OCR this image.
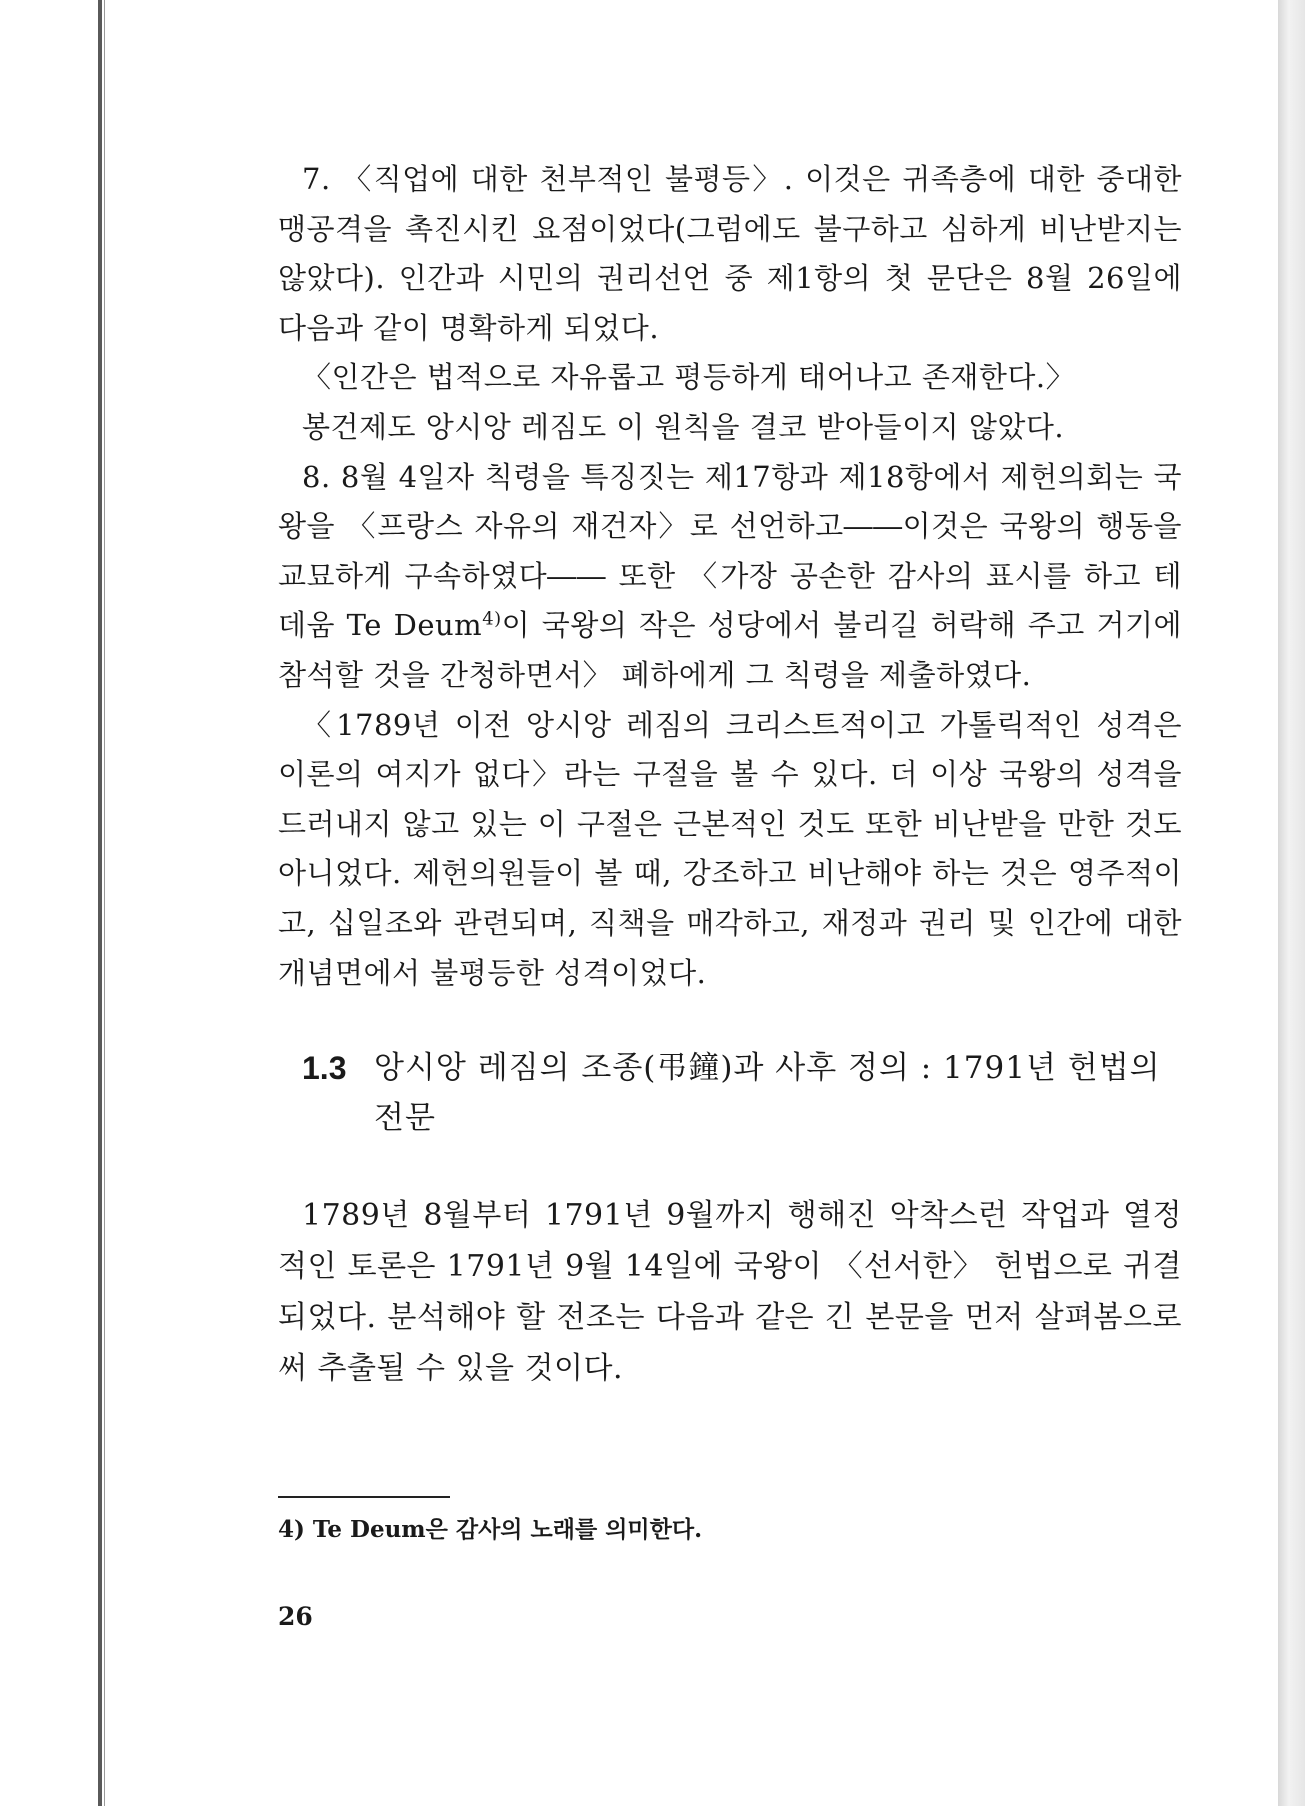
7. 〈직업에 대한 천부적인 불평등〉. 이것은 귀족층에 대한 중대한 맹공격을 촉진시킨 요점이었다(그럼에도 불구하고 심하게 비난받지는 않았다). 인간과 시민의 권리선언 중 제1항의 첫 문단은 8월 26일에 다음과 같이 명확하게 되었다.

〈인간은 법적으로 자유롭고 평등하게 태어나고 존재한다.〉

봉건제도 앙시앙 레짐도 이 원칙을 결코 받아들이지 않았다.

8. 8월 4일자 칙령을 특징짓는 제17항과 제18항에서 제헌의회는 국왕을 〈프랑스 자유의 재건자〉로 선언하고――이것은 국왕의 행동을 교묘하게 구속하였다―― 또한 〈가장 공손한 감사의 표시를 하고 테데움 Te Deum$^{4)}$이 국왕의 작은 성당에서 불리길 허락해 주고 거기에 참석할 것을 간청하면서〉 폐하에게 그 칙령을 제출하였다.

〈1789년 이전 앙시앙 레짐의 크리스트적이고 가톨릭적인 성격은 이론의 여지가 없다〉라는 구절을 볼 수 있다. 더 이상 국왕의 성격을 드러내지 않고 있는 이 구절은 근본적인 것도 또한 비난받을 만한 것도 아니었다. 제헌의원들이 볼 때, 강조하고 비난해야 하는 것은 영주적이고, 십일조와 관련되며, 직책을 매각하고, 재정과 권리 및 인간에 대한 개념면에서 불평등한 성격이었다.

1.3 앙시앙 레짐의 조종(弔鐘)과 사후 정의 : 1791년 헌법의 전문

1789년 8월부터 1791년 9월까지 행해진 악착스런 작업과 열정적인 토론은 1791년 9월 14일에 국왕이 〈선서한〉 헌법으로 귀결되었다. 분석해야 할 전조는 다음과 같은 긴 본문을 먼저 살펴봄으로써 추출될 수 있을 것이다.

4) Te Deum은 감사의 노래를 의미한다.
26
